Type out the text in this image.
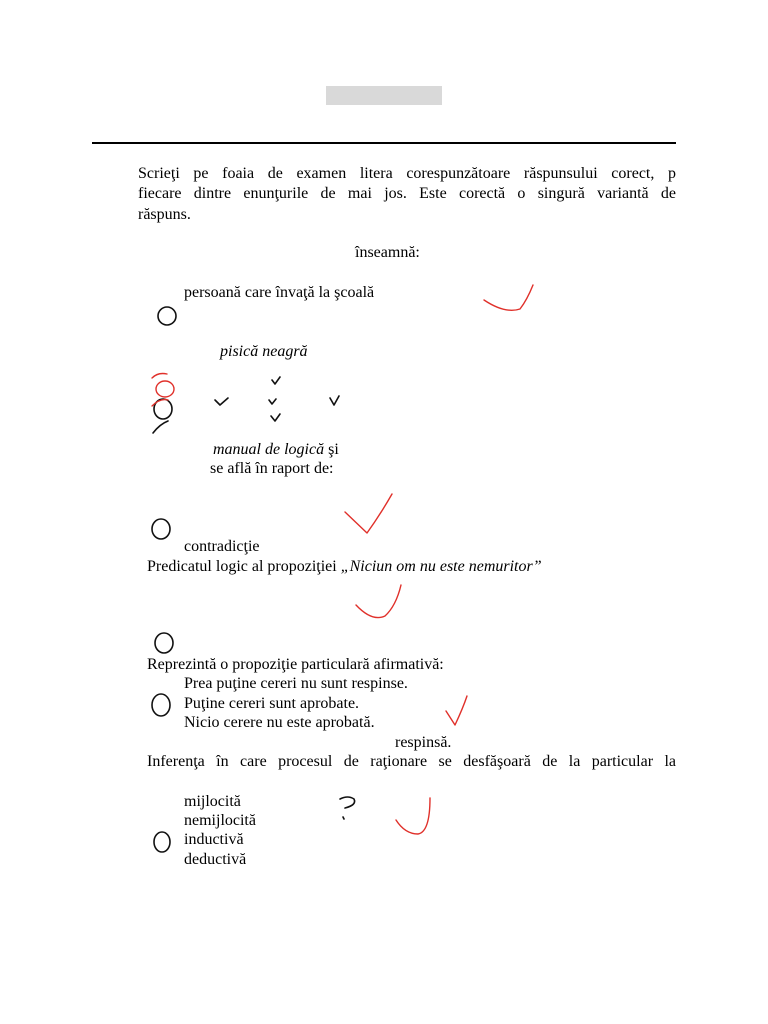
Scrieţi pe foaia de examen litera corespunzătoare răspunsului corect, p
fiecare dintre enunţurile de mai jos. Este corectă o singură variantă de
răspuns.
înseamnă:
persoană care învaţă la şcoală
pisică neagră
manual de logică şi
se află în raport de:
contradicţie
Predicatul logic al propoziţiei „Niciun om nu este nemuritor”
Reprezintă o propoziţie particulară afirmativă:
Prea puţine cereri nu sunt respinse.
Puţine cereri sunt aprobate.
Nicio cerere nu este aprobată.
respinsă.
Inferenţa în care procesul de raţionare se desfăşoară de la particular la
mijlocită
nemijlocită
inductivă
deductivă
